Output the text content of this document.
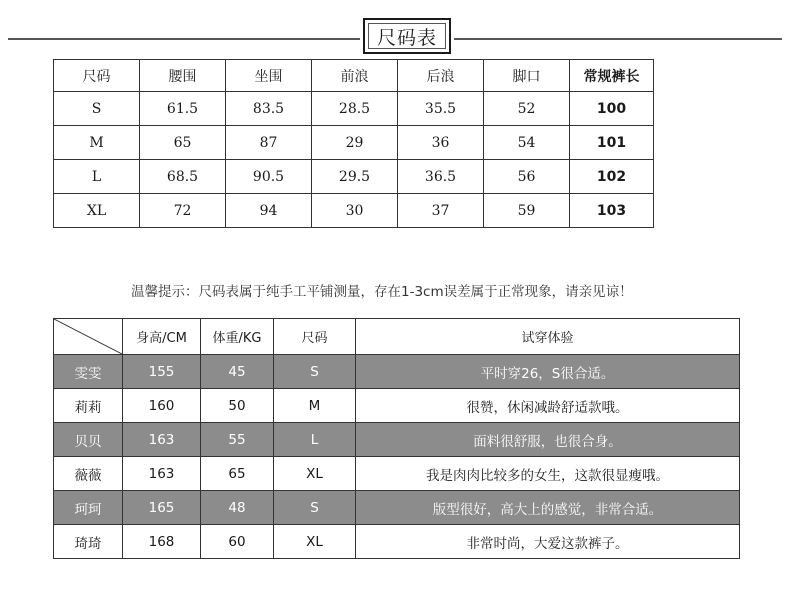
尺码表
尺码	腰围	坐围	前浪	后浪	脚口	常规裤长
S	61.5	83.5	28.5	35.5	52	100
M	65	87	29	36	54	101
L	68.5	90.5	29.5	36.5	56	102
XL	72	94	30	37	59	103
温馨提示：尺码表属于纯手工平铺测量，存在1-3cm误差属于正常现象，请亲见谅！
	身高/CM	体重/KG	尺码	试穿体验
雯雯	155	45	S	平时穿26，S很合适。
莉莉	160	50	M	很赞，休闲减龄舒适款哦。
贝贝	163	55	L	面料很舒服，也很合身。
薇薇	163	65	XL	我是肉肉比较多的女生，这款很显瘦哦。
珂珂	165	48	S	版型很好，高大上的感觉，非常合适。
琦琦	168	60	XL	非常时尚，大爱这款裤子。
